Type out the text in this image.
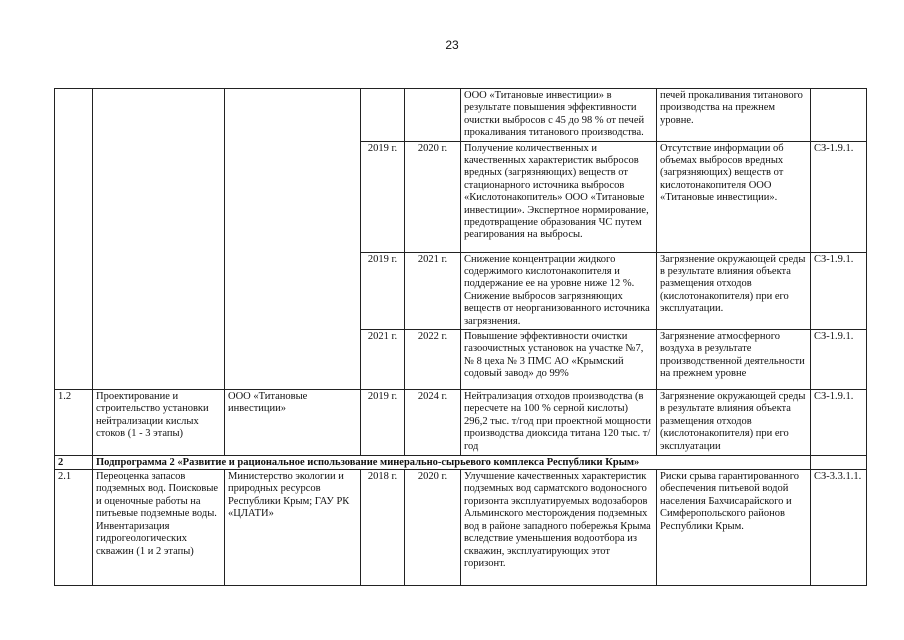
23
					ООО «Титановые инвестиции» в результате повышения эффективности очистки выбросов с 45 до 98 % от печей прокаливания титанового производства.	печей прокаливания титанового производства на прежнем уровне.	
			2019 г.	2020 г.	Получение количественных и качественных характеристик выбросов вредных (загрязняющих) веществ от стационарного источника выбросов «Кислотонакопитель» ООО «Титановые инвестиции». Экспертное нормирование, предотвращение образования ЧС путем реагирования на выбросы.	Отсутствие информации об объемах выбросов вредных (загрязняющих) веществ от кислотонакопителя ООО «Титановые инвестиции».	СЗ-1.9.1.
			2019 г.	2021 г.	Снижение концентрации жидкого содержимого кислотонакопителя и поддержание ее на уровне ниже 12 %. Снижение выбросов загрязняющих веществ от неорганизованного источника загрязнения.	Загрязнение окружающей среды в результате влияния объекта размещения отходов (кислотонакопителя) при его эксплуатации.	СЗ-1.9.1.
			2021 г.	2022 г.	Повышение эффективности очистки газоочистных установок на участке №7, № 8 цеха № 3 ПМС АО «Крымский содовый завод» до 99%	Загрязнение атмосферного воздуха в результате производственной деятельности на прежнем уровне	СЗ-1.9.1.
1.2	Проектирование и строительство установки нейтрализации кислых стоков (1 - 3 этапы)	ООО «Титановые инвестиции»	2019 г.	2024 г.	Нейтрализация отходов производства (в пересчете на 100 % серной кислоты) 296,2 тыс. т/год при проектной мощности производства диоксида титана 120 тыс. т/год	Загрязнение окружающей среды в результате влияния объекта размещения отходов (кислотонакопителя) при его эксплуатации	СЗ-1.9.1.
2	Подпрограмма 2 «Развитие и рациональное использование минерально-сырьевого комплекса Республики Крым»						
2.1	Переоценка запасов подземных вод. Поисковые и оценочные работы на питьевые подземные воды. Инвентаризация гидрогеологических скважин (1 и 2 этапы)	Министерство экологии и природных ресурсов Республики Крым; ГАУ РК «ЦЛАТИ»	2018 г.	2020 г.	Улучшение качественных характеристик подземных вод сарматского водоносного горизонта эксплуатируемых водозаборов Альминского месторождения подземных вод в районе западного побережья Крыма вследствие уменьшения водоотбора из скважин, эксплуатирующих этот горизонт.	Риски срыва гарантированного обеспечения питьевой водой населения Бахчисарайского и Симферопольского районов Республики Крым.	СЗ-3.3.1.1.
